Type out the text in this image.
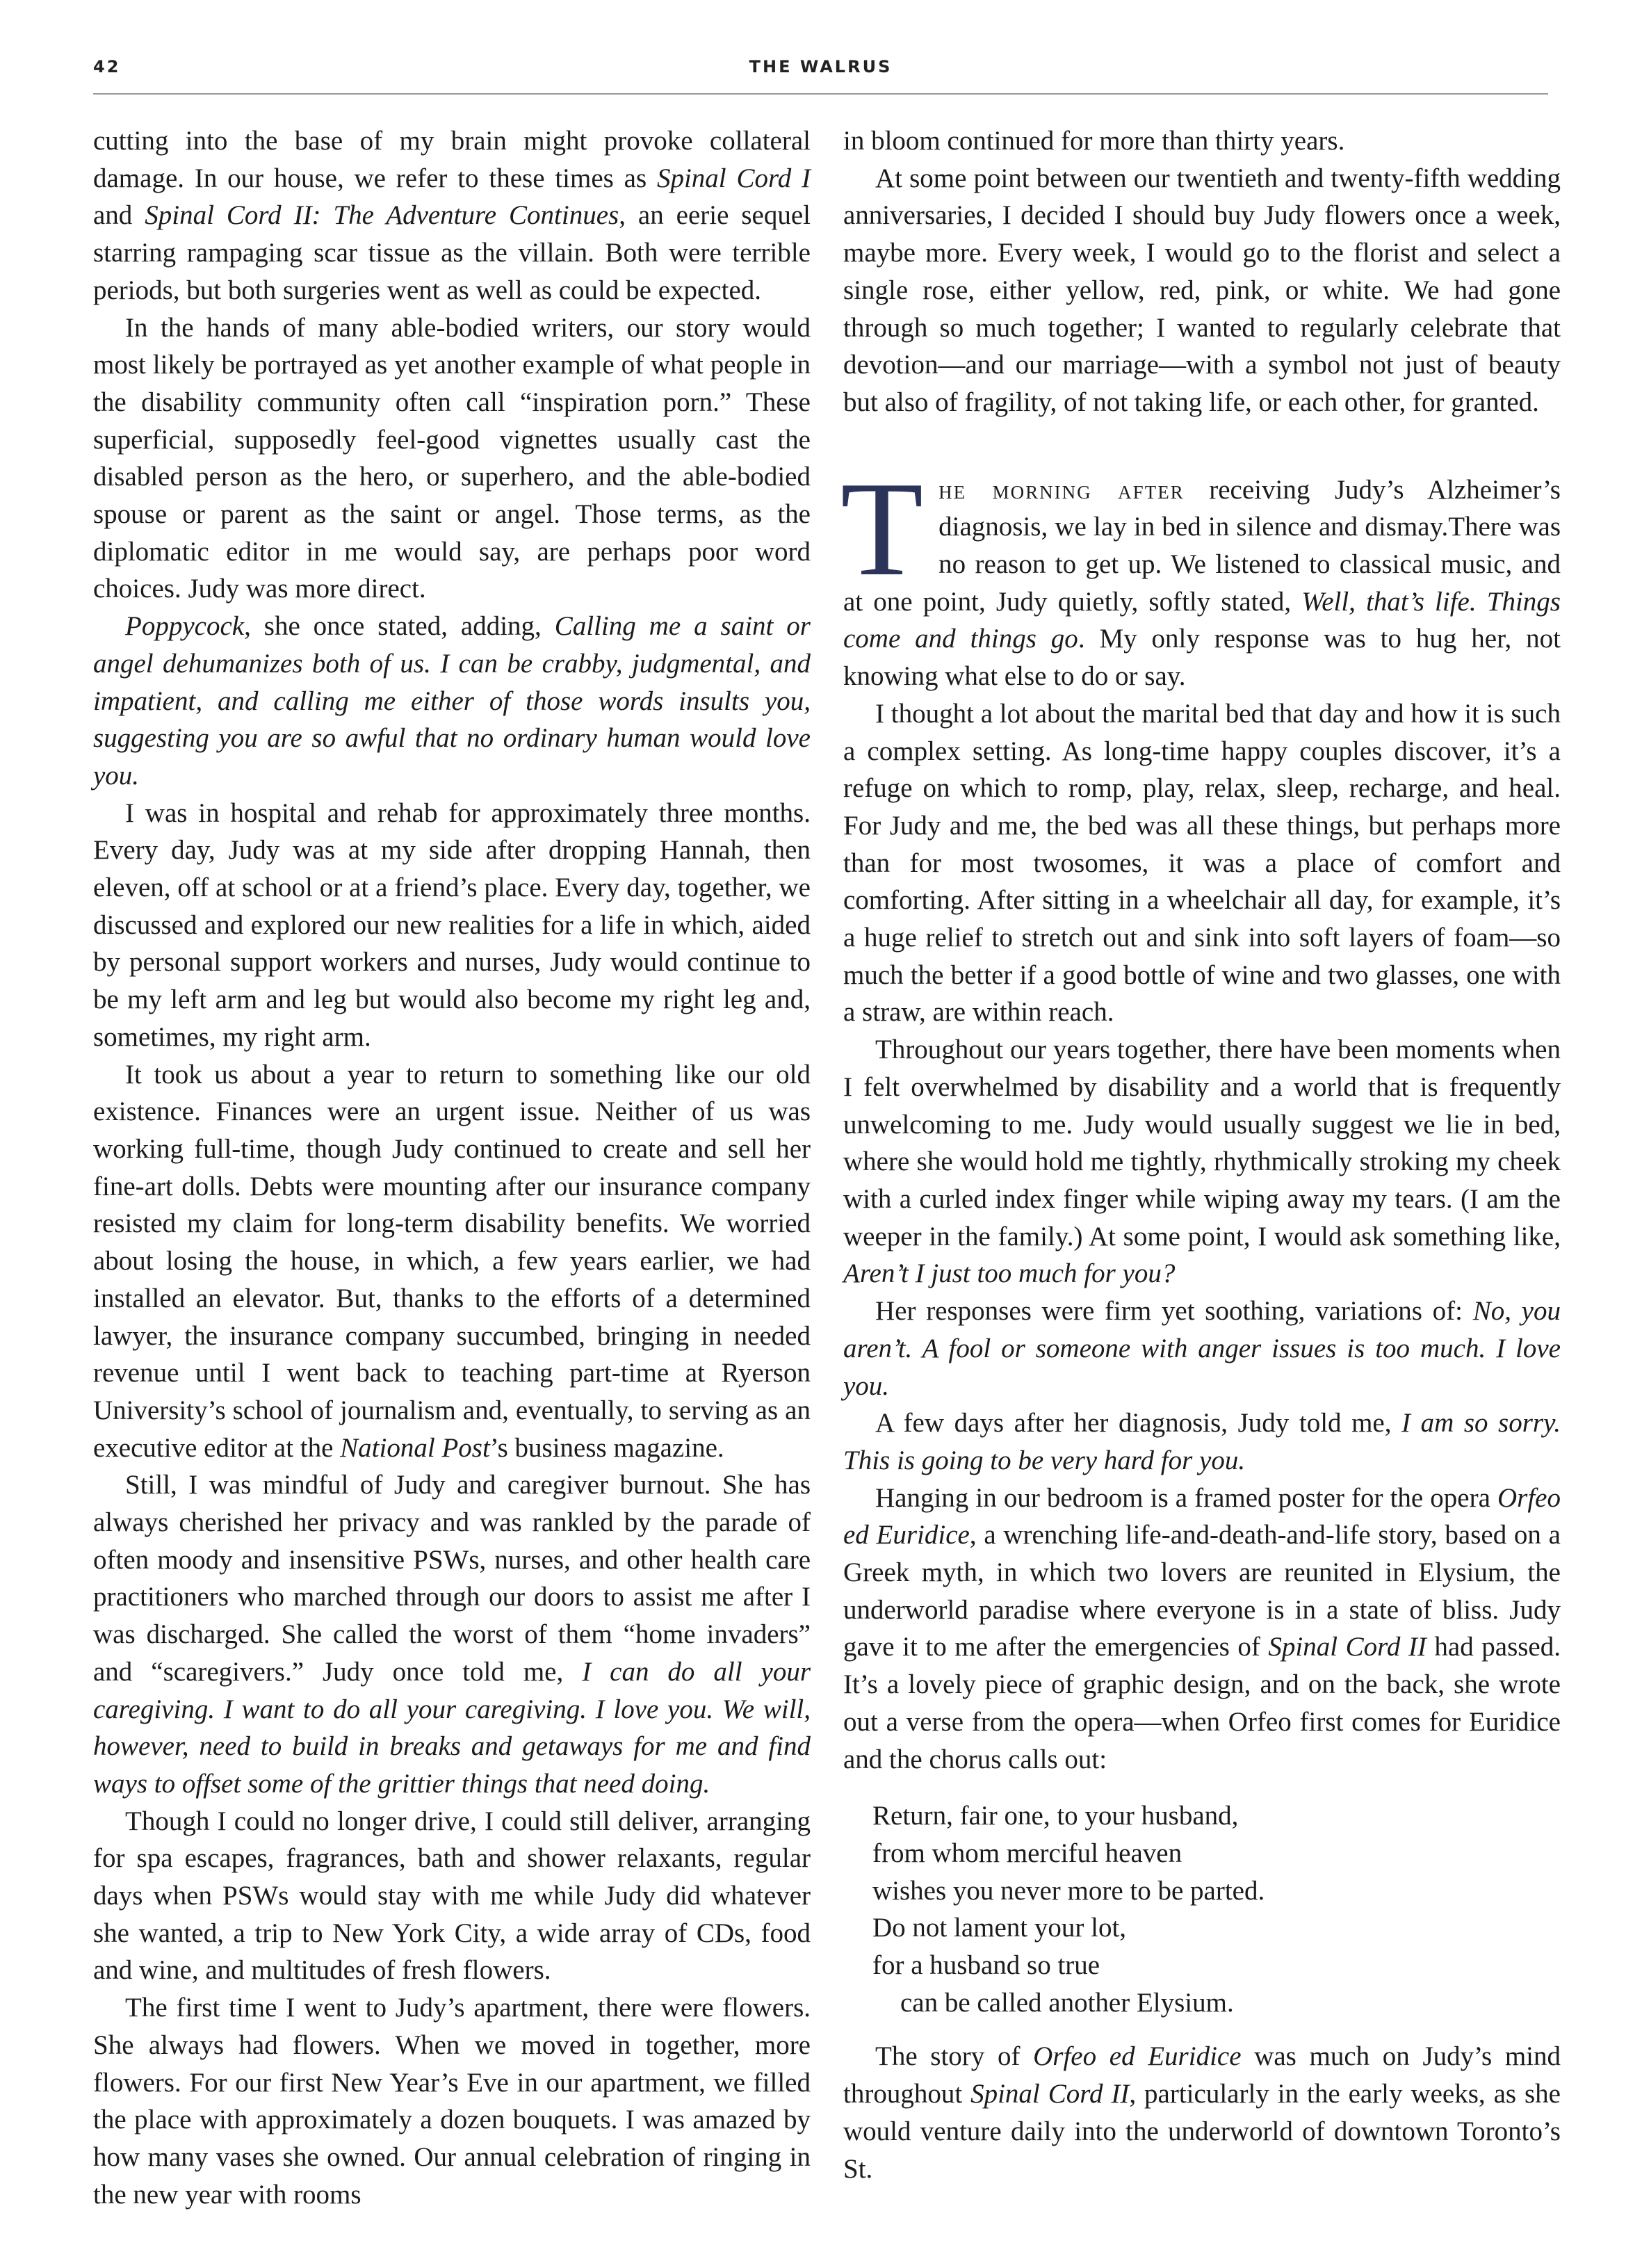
42	THE WALRUS

cutting into the base of my brain might provoke collateral damage. In our house, we refer to these times as Spinal Cord I and Spinal Cord II: The Adventure Continues, an eerie sequel starring rampaging scar tissue as the villain. Both were terrible periods, but both surgeries went as well as could be expected.

In the hands of many able-bodied writers, our story would most likely be portrayed as yet another example of what people in the disability community often call “inspiration porn.” These superficial, supposedly feel-good vignettes usually cast the disabled person as the hero, or superhero, and the able-bodied spouse or parent as the saint or angel. Those terms, as the diplomatic editor in me would say, are perhaps poor word choices. Judy was more direct.

Poppycock, she once stated, adding, Calling me a saint or angel dehumanizes both of us. I can be crabby, judgmental, and impatient, and calling me either of those words insults you, suggesting you are so awful that no ordinary human would love you.

I was in hospital and rehab for approximately three months. Every day, Judy was at my side after dropping Hannah, then eleven, off at school or at a friend’s place. Every day, together, we discussed and explored our new realities for a life in which, aided by personal support workers and nurses, Judy would continue to be my left arm and leg but would also become my right leg and, sometimes, my right arm.

It took us about a year to return to something like our old existence. Finances were an urgent issue. Neither of us was working full-time, though Judy continued to create and sell her fine-art dolls. Debts were mounting after our insurance company resisted my claim for long-term disability benefits. We worried about losing the house, in which, a few years earlier, we had installed an elevator. But, thanks to the efforts of a determined lawyer, the insurance company succumbed, bringing in needed revenue until I went back to teaching part-time at Ryerson University’s school of journalism and, eventually, to serving as an executive editor at the National Post’s business magazine.

Still, I was mindful of Judy and caregiver burnout. She has always cherished her privacy and was rankled by the parade of often moody and insensitive PSWs, nurses, and other health care practitioners who marched through our doors to assist me after I was discharged. She called the worst of them “home invaders” and “scaregivers.” Judy once told me, I can do all your caregiving. I want to do all your caregiving. I love you. We will, however, need to build in breaks and getaways for me and find ways to offset some of the grittier things that need doing.

Though I could no longer drive, I could still deliver, arranging for spa escapes, fragrances, bath and shower relaxants, regular days when PSWs would stay with me while Judy did whatever she wanted, a trip to New York City, a wide array of CDs, food and wine, and multitudes of fresh flowers.

The first time I went to Judy’s apartment, there were flowers. She always had flowers. When we moved in together, more flowers. For our first New Year’s Eve in our apartment, we filled the place with approximately a dozen bouquets. I was amazed by how many vases she owned. Our annual celebration of ringing in the new year with rooms

in bloom continued for more than thirty years.

At some point between our twentieth and twenty-fifth wedding anniversaries, I decided I should buy Judy flowers once a week, maybe more. Every week, I would go to the florist and select a single rose, either yellow, red, pink, or white. We had gone through so much together; I wanted to regularly celebrate that devotion—and our marriage—with a symbol not just of beauty but also of fragility, of not taking life, or each other, for granted.

The morning after receiving Judy’s Alzheimer’s diagnosis, we lay in bed in silence and dismay.There was no reason to get up. We listened to classical music, and at one point, Judy quietly, softly stated, Well, that’s life. Things come and things go. My only response was to hug her, not knowing what else to do or say.

I thought a lot about the marital bed that day and how it is such a complex setting. As long-time happy couples discover, it’s a refuge on which to romp, play, relax, sleep, recharge, and heal. For Judy and me, the bed was all these things, but perhaps more than for most twosomes, it was a place of comfort and comforting. After sitting in a wheelchair all day, for example, it’s a huge relief to stretch out and sink into soft layers of foam—so much the better if a good bottle of wine and two glasses, one with a straw, are within reach.

Throughout our years together, there have been moments when I felt overwhelmed by disability and a world that is frequently unwelcoming to me. Judy would usually suggest we lie in bed, where she would hold me tightly, rhythmically stroking my cheek with a curled index finger while wiping away my tears. (I am the weeper in the family.) At some point, I would ask something like, Aren’t I just too much for you?

Her responses were firm yet soothing, variations of: No, you aren’t. A fool or someone with anger issues is too much. I love you.

A few days after her diagnosis, Judy told me, I am so sorry. This is going to be very hard for you.

Hanging in our bedroom is a framed poster for the opera Orfeo ed Euridice, a wrenching life-and-death-and-life story, based on a Greek myth, in which two lovers are reunited in Elysium, the underworld paradise where everyone is in a state of bliss. Judy gave it to me after the emergencies of Spinal Cord II had passed. It’s a lovely piece of graphic design, and on the back, she wrote out a verse from the opera—when Orfeo first comes for Euridice and the chorus calls out:

Return, fair one, to your husband,
from whom merciful heaven
wishes you never more to be parted.
Do not lament your lot,
for a husband so true
can be called another Elysium.

The story of Orfeo ed Euridice was much on Judy’s mind throughout Spinal Cord II, particularly in the early weeks, as she would venture daily into the underworld of downtown Toronto’s St.
